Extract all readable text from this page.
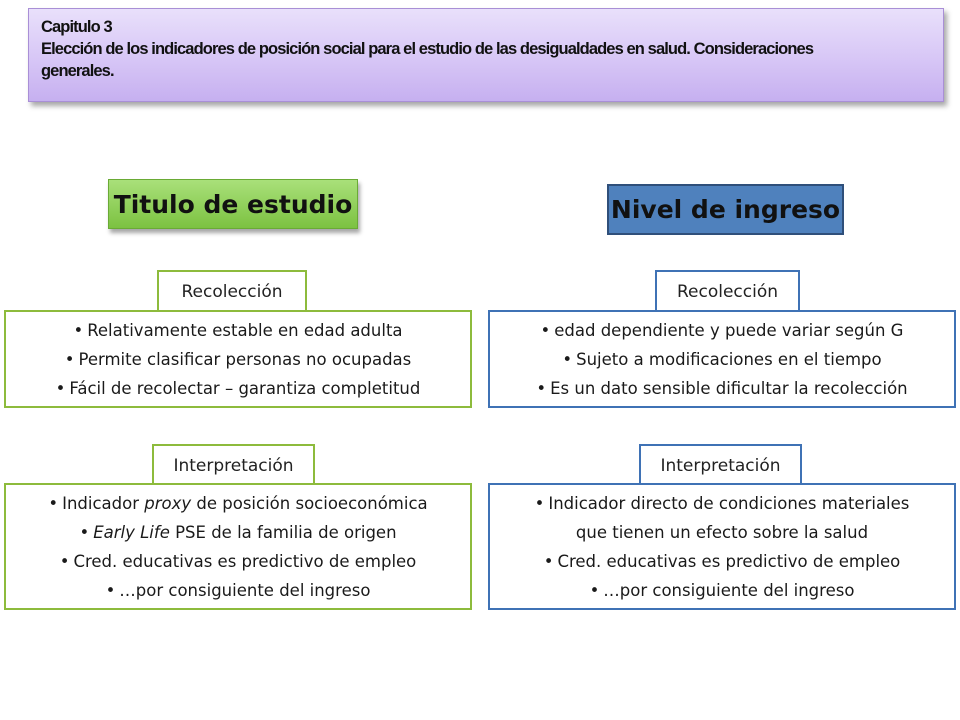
Capitulo 3
Elección de los indicadores de posición social para el estudio de las desigualdades en salud. Consideraciones
generales.
Titulo de estudio	Nivel de ingreso
Recolección
• Relativamente estable en edad adulta
• Permite clasificar personas no ocupadas
• Fácil de recolectar – garantiza completitud
Recolección
• edad dependiente y puede variar según G
• Sujeto a modificaciones en el tiempo
• Es un dato sensible dificultar la recolección
Interpretación
• Indicador proxy de posición socioeconómica
• Early Life PSE de la familia de origen
• Cred. educativas es predictivo de empleo
• …por consiguiente del ingreso
Interpretación
• Indicador directo de condiciones materiales
que tienen un efecto sobre la salud
• Cred. educativas es predictivo de empleo
• …por consiguiente del ingreso
